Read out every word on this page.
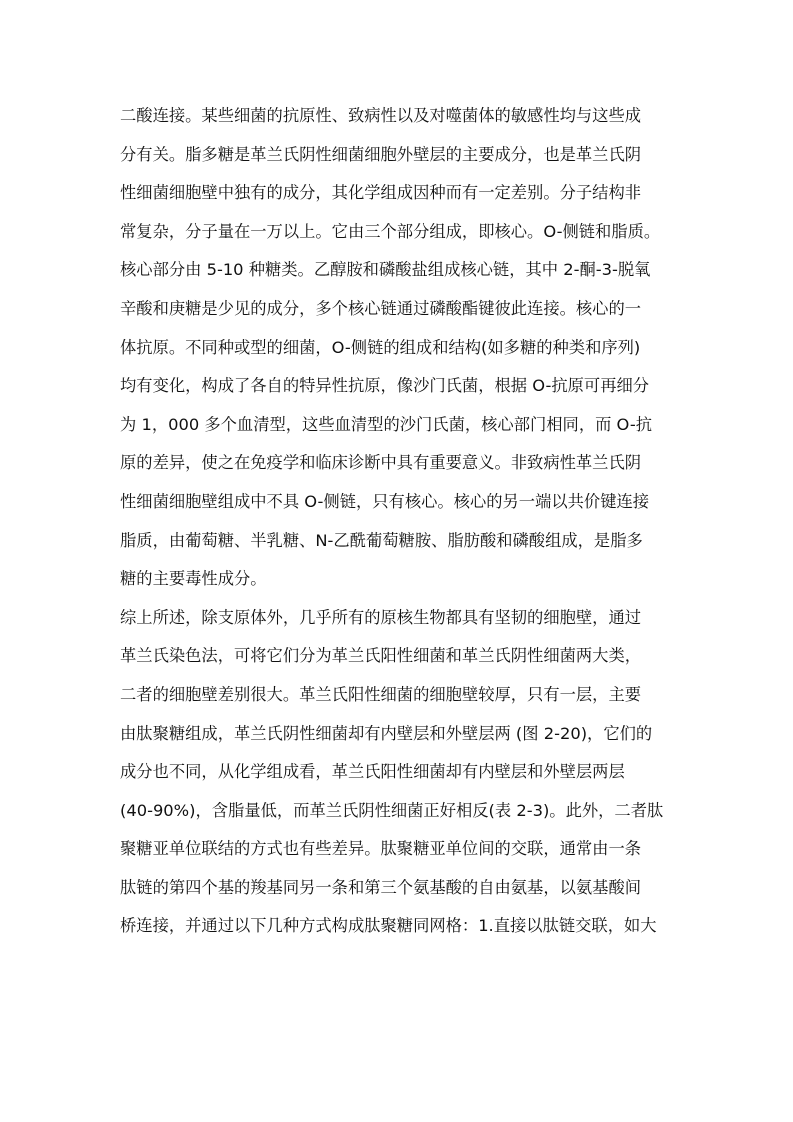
二酸连接。某些细菌的抗原性、致病性以及对噬菌体的敏感性均与这些成
分有关。脂多糖是革兰氏阴性细菌细胞外壁层的主要成分，也是革兰氏阴
性细菌细胞壁中独有的成分，其化学组成因种而有一定差别。分子结构非
常复杂，分子量在一万以上。它由三个部分组成，即核心。O-侧链和脂质。
核心部分由 5-10 种糖类。乙醇胺和磷酸盐组成核心链，其中 2-酮-3-脱氧
辛酸和庚糖是少见的成分，多个核心链通过磷酸酯键彼此连接。核心的一
体抗原。不同种或型的细菌，O-侧链的组成和结构(如多糖的种类和序列)
均有变化，构成了各自的特异性抗原，像沙门氏菌，根据 O-抗原可再细分
为 1，000 多个血清型，这些血清型的沙门氏菌，核心部门相同，而 O-抗
原的差异，使之在免疫学和临床诊断中具有重要意义。非致病性革兰氏阴
性细菌细胞壁组成中不具 O-侧链，只有核心。核心的另一端以共价键连接
脂质，由葡萄糖、半乳糖、N-乙酰葡萄糖胺、脂肪酸和磷酸组成，是脂多
糖的主要毒性成分。
综上所述，除支原体外，几乎所有的原核生物都具有坚韧的细胞壁，通过
革兰氏染色法，可将它们分为革兰氏阳性细菌和革兰氏阴性细菌两大类，
二者的细胞壁差别很大。革兰氏阳性细菌的细胞壁较厚，只有一层，主要
由肽聚糖组成，革兰氏阴性细菌却有内壁层和外壁层两 (图 2-20)，它们的
成分也不同，从化学组成看，革兰氏阳性细菌却有内壁层和外壁层两层
(40-90%)，含脂量低，而革兰氏阴性细菌正好相反(表 2-3)。此外，二者肽
聚糖亚单位联结的方式也有些差异。肽聚糖亚单位间的交联，通常由一条
肽链的第四个基的羧基同另一条和第三个氨基酸的自由氨基，以氨基酸间
桥连接，并通过以下几种方式构成肽聚糖同网格：1.直接以肽链交联，如大
